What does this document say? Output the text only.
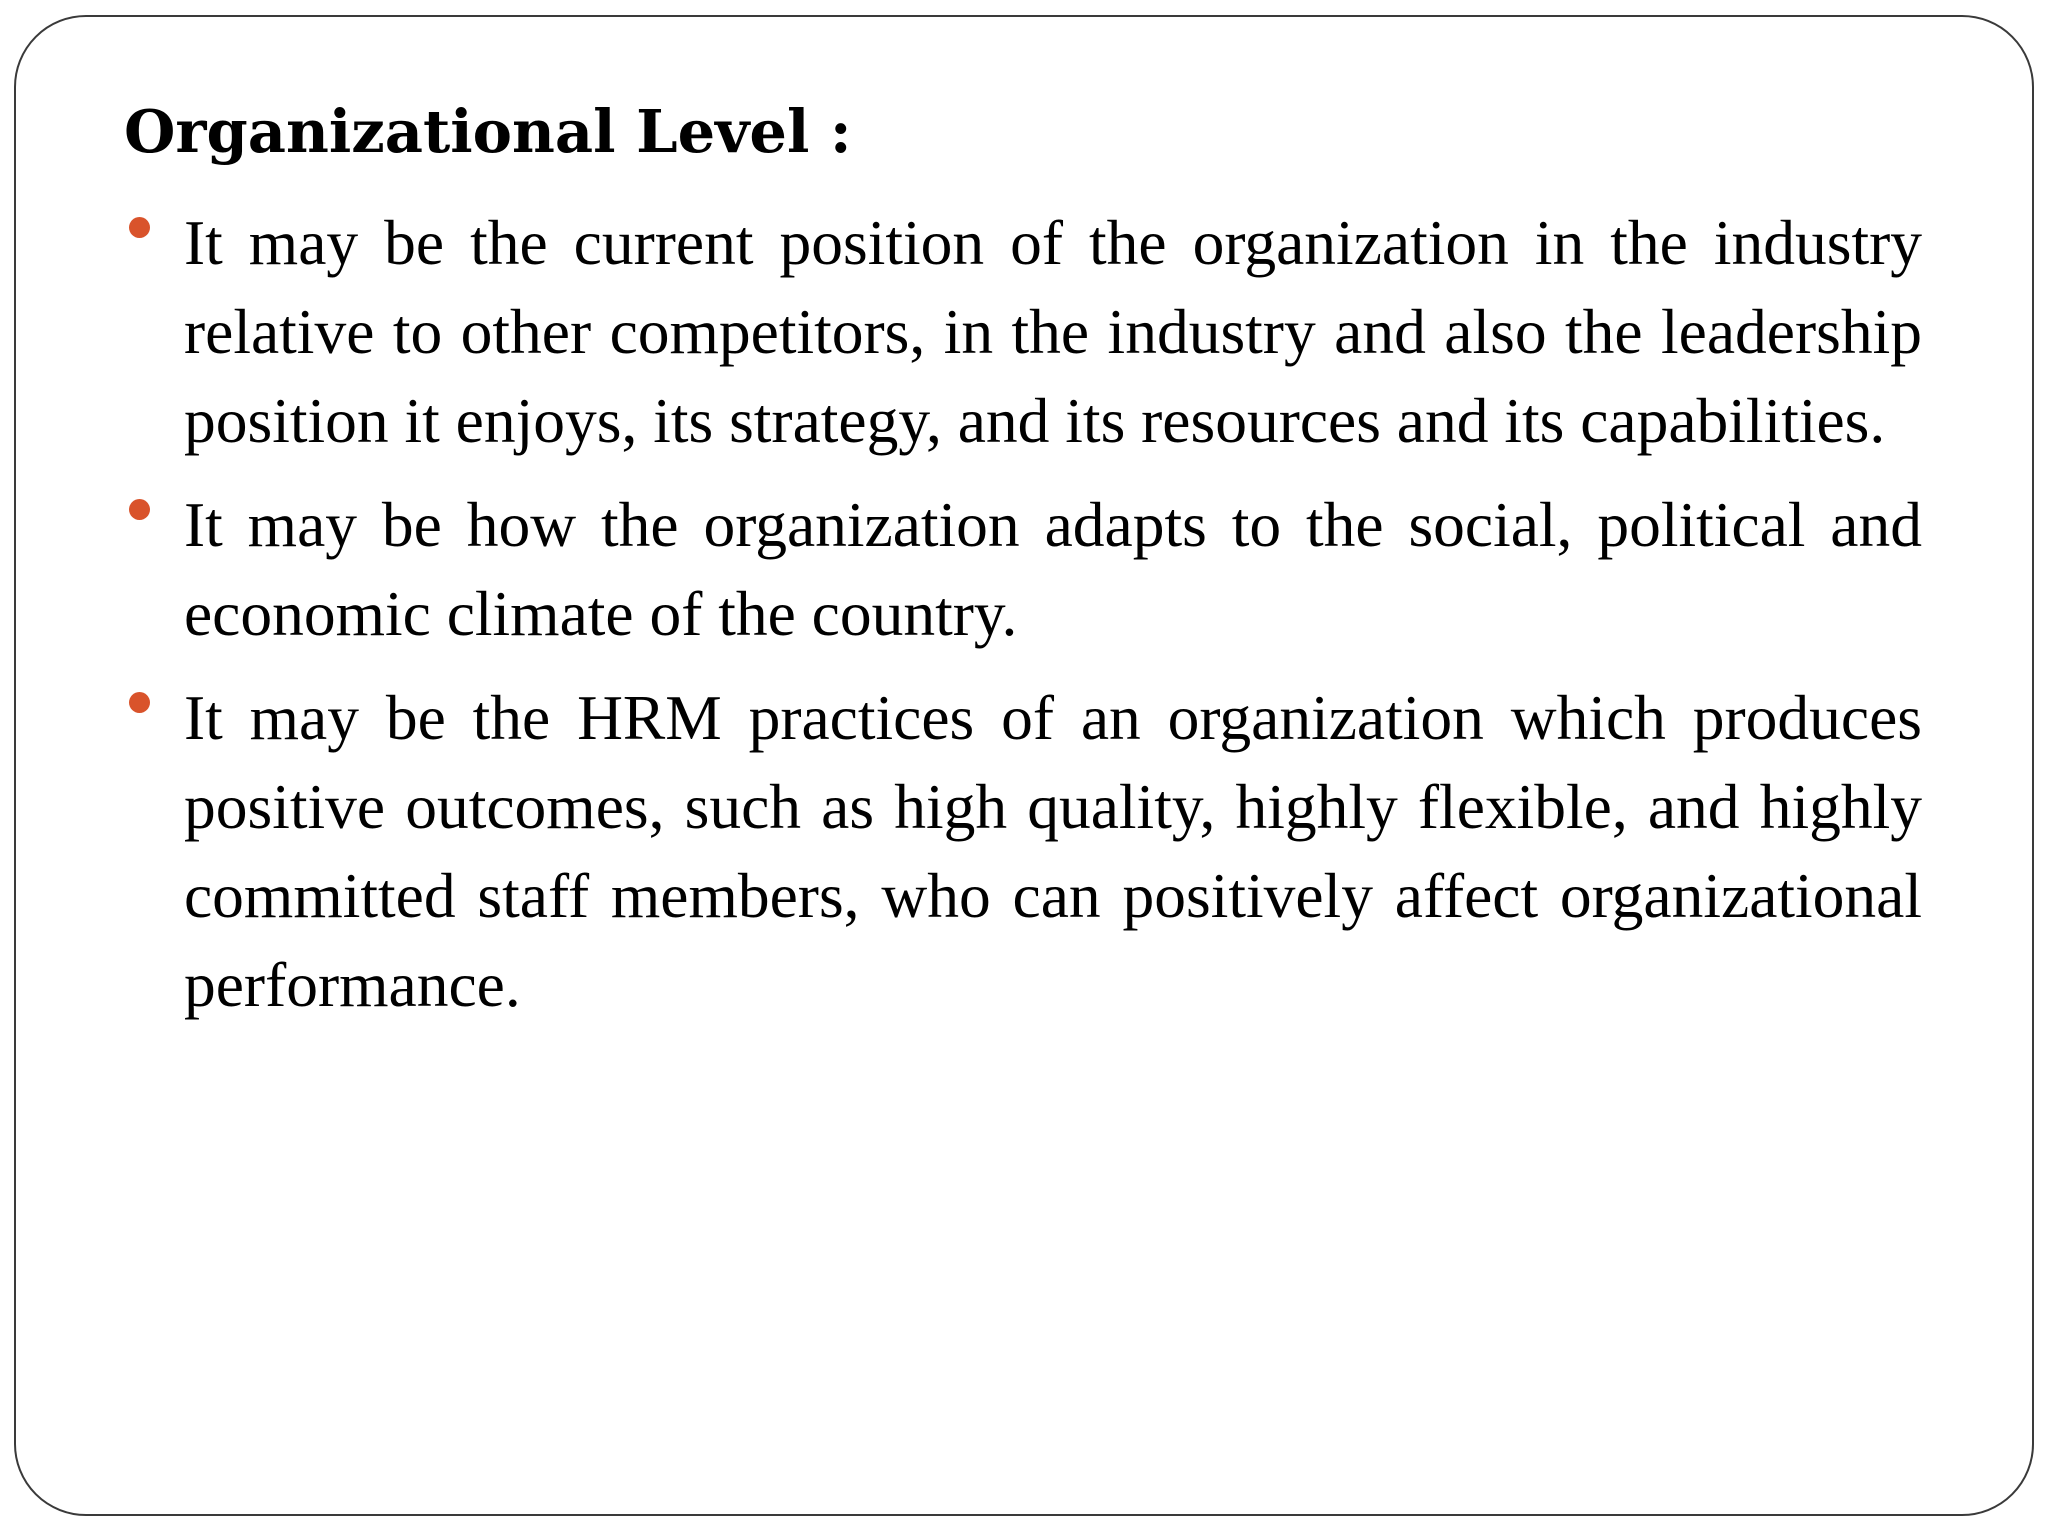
Organizational Level :
It may be the current position of the organization in the industry relative to other competitors, in the industry and also the leadership position it enjoys, its strategy, and its resources and its capabilities.
It may be how the organization adapts to the social, political and economic climate of the country.
It may be the HRM practices of an organization which produces positive outcomes, such as high quality, highly flexible, and highly committed staff members, who can positively affect organizational performance.
